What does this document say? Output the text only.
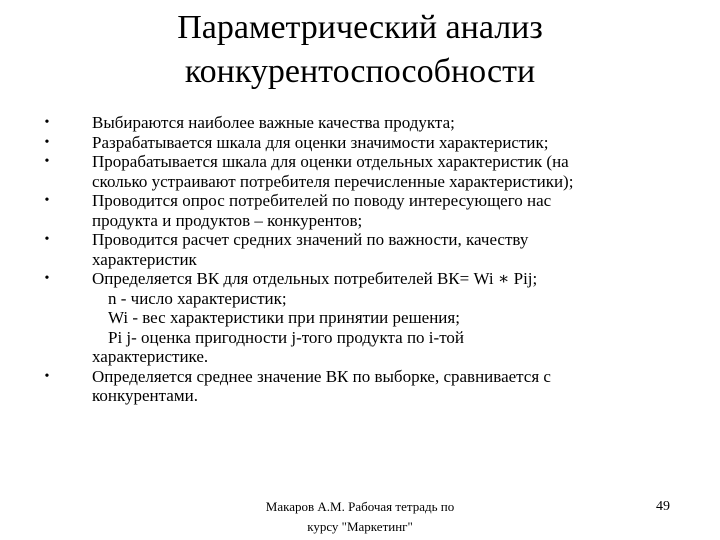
Параметрический анализ
конкурентоспособности
•	Выбираются наиболее важные качества продукта;
•	Разрабатывается шкала для оценки значимости характеристик;
•	Прорабатывается шкала для оценки отдельных характеристик (на
сколько устраивают потребителя перечисленные характеристики);
•	Проводится опрос потребителей по поводу интересующего нас
продукта и продуктов – конкурентов;
•	Проводится расчет средних значений по важности, качеству
характеристик
•	Определяется ВК для отдельных потребителей ВК= Wi ∗ Pij;
n - число характеристик;
Wi - вес характеристики при принятии решения;
Pi j- оценка пригодности j-того продукта по i-той
характеристике.
•	Определяется среднее значение ВК по выборке, сравнивается с
конкурентами.
Макаров А.М. Рабочая тетрадь по
курсу "Маркетинг"
49
